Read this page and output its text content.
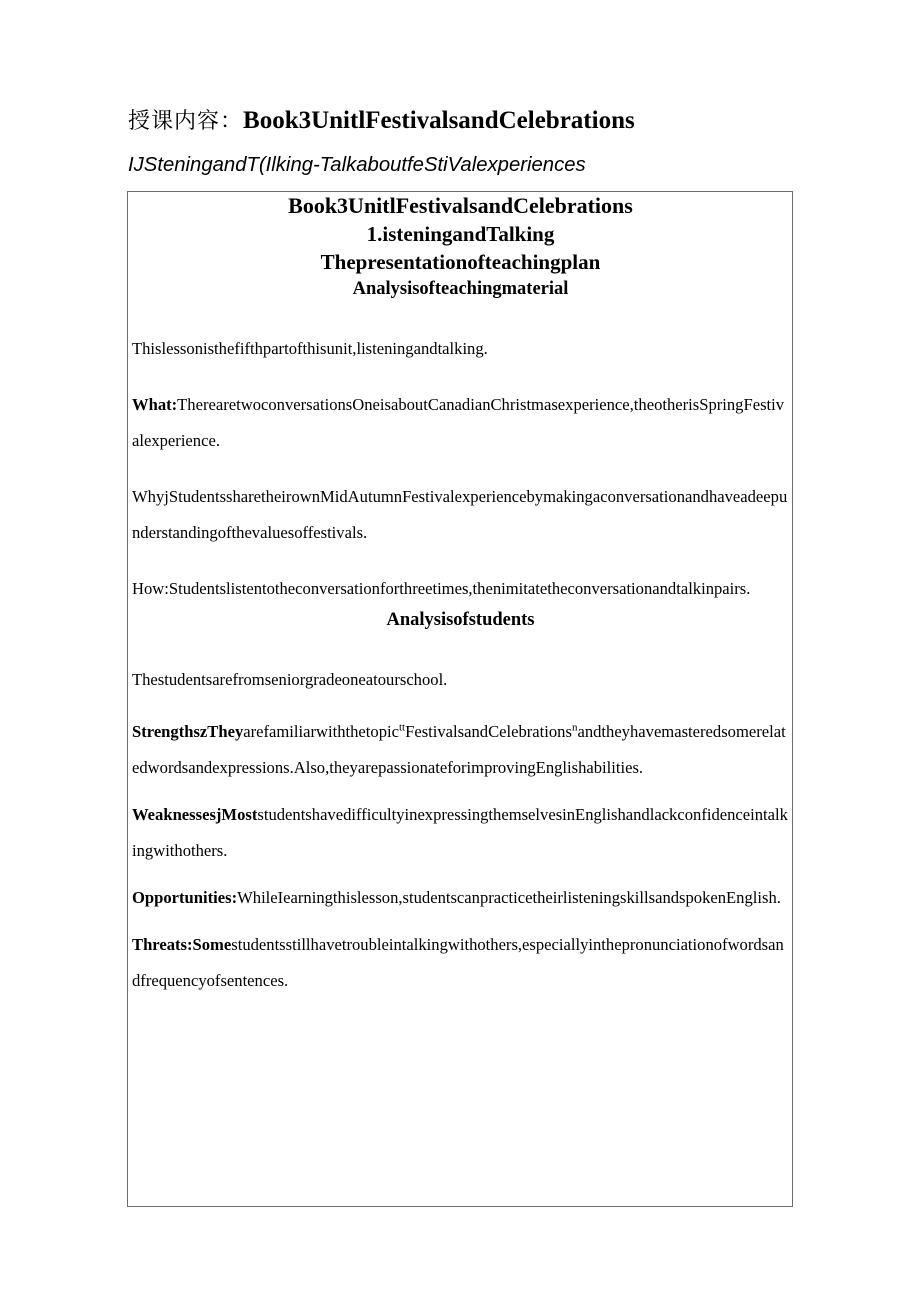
授课内容：Book3UnitlFestivalsandCelebrations
IJSteningandT(Ilking-TalkaboutfeStiValexperiences
Book3UnitlFestivalsandCelebrations
1.isteningandTalking
Thepresentationofteachingplan
Analysisofteachingmaterial

Thislessonisthefifthpartofthisunit,listeningandtalking.

What:TherearetwoconversationsOneisaboutCanadianChristmasexperience,theotherisSpringFestivalexperience.

WhyjStudentssharetheirownMidAutumnFestivalexperiencebymakingaconversationandhaveadeepunderstandingofthevaluesoffestivals.

How:Studentslistentotheconversationforthreetimes,thenimitatetheconversationandtalkinpairs.

Analysisofstudents

Thestudentsarefromseniorgradeoneatourschool.

StrengthszTheyarefamiliarwiththetopic$^{tt}$FestivalsandCelebrations$^n$andtheyhavemasteredsomerelatedwordsandexpressions.Also,theyarepassionateforimprovingEnglishabilities.

WeaknessesjMoststudentshavedifficultyinexpressingthemselvesinEnglishandlackconfidenceintalkingwithothers.

Opportunities:WhileIearningthislesson,studentscanpracticetheirlisteningskillsandspokenEnglish.

Threats:Somestudentsstillhavetroubleintalkingwithothers,especiallyinthepronunciationofwordsandfrequencyofsentences.
